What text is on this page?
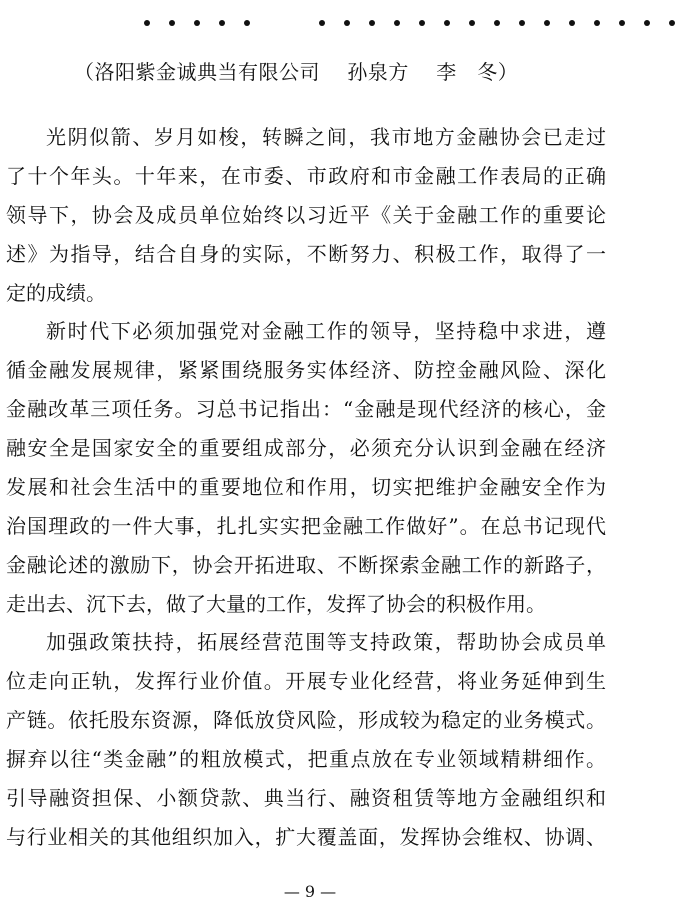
（洛阳紫金诚典当有限公司　 孙泉方　 李　冬）
光阴似箭、岁月如梭，转瞬之间，我市地方金融协会已走过
了十个年头。十年来，在市委、市政府和市金融工作表局的正确
领导下，协会及成员单位始终以习近平《关于金融工作的重要论
述》为指导，结合自身的实际，不断努力、积极工作，取得了一
定的成绩。
新时代下必须加强党对金融工作的领导，坚持稳中求进，遵
循金融发展规律，紧紧围绕服务实体经济、防控金融风险、深化
金融改革三项任务。习总书记指出：“金融是现代经济的核心，金
融安全是国家安全的重要组成部分，必须充分认识到金融在经济
发展和社会生活中的重要地位和作用，切实把维护金融安全作为
治国理政的一件大事，扎扎实实把金融工作做好”。在总书记现代
金融论述的激励下，协会开拓进取、不断探索金融工作的新路子，
走出去、沉下去，做了大量的工作，发挥了协会的积极作用。
加强政策扶持，拓展经营范围等支持政策，帮助协会成员单
位走向正轨，发挥行业价值。开展专业化经营，将业务延伸到生
产链。依托股东资源，降低放贷风险，形成较为稳定的业务模式。
摒弃以往“类金融”的粗放模式，把重点放在专业领域精耕细作。
引导融资担保、小额贷款、典当行、融资租赁等地方金融组织和
与行业相关的其他组织加入，扩大覆盖面，发挥协会维权、协调、
— 9 —
